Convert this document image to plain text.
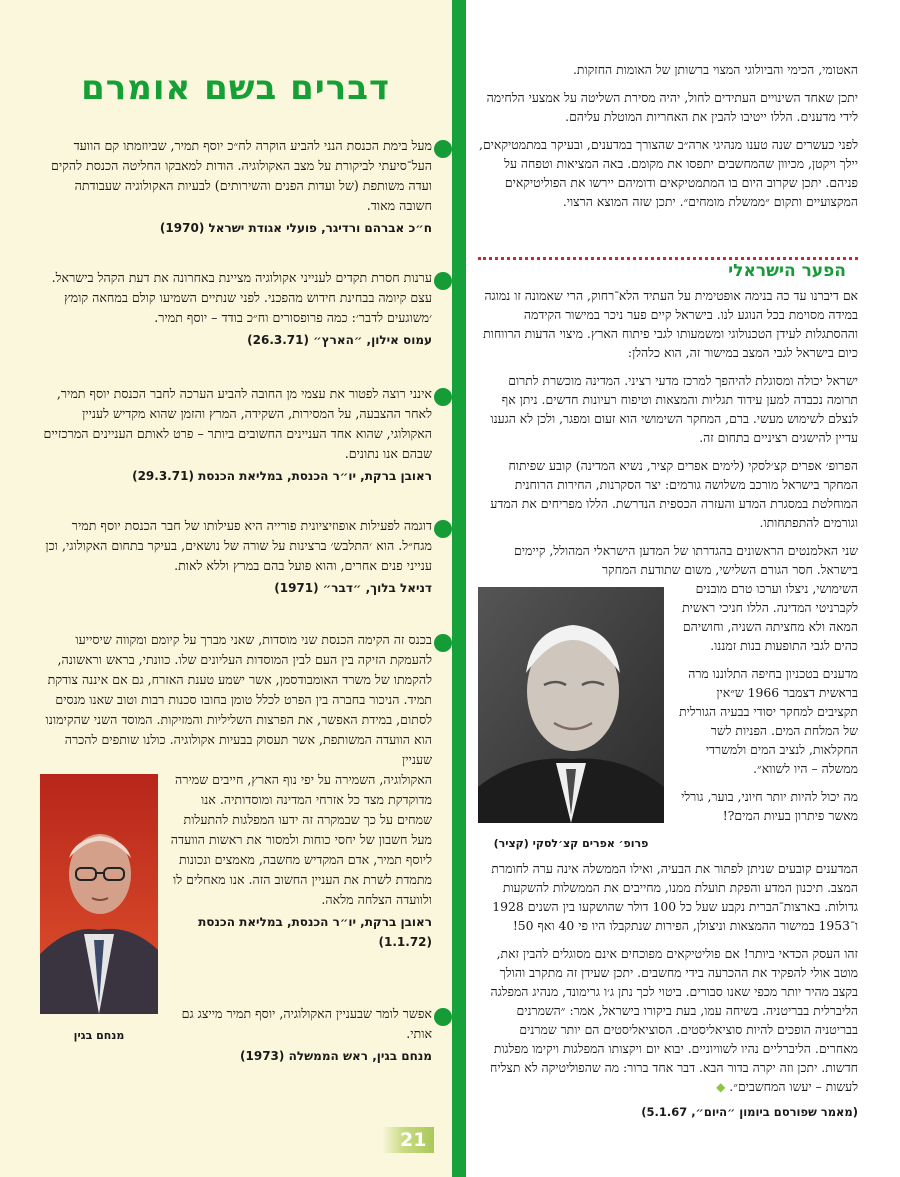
דברים בשם אומרם

מעל בימת הכנסת הנני להביע הוקרה לח״כ יוסף תמיר, שביוזמתו קם הוועד העל־סיעתי לביקורת על מצב האקולוגיה. הודות למאבקו החליטה הכנסת להקים ועדה משותפת (של ועדות הפנים והשירותים) לבעיות האקולוגיה שעבודתה חשובה מאוד.

ח״כ אברהם ורדיגר, פועלי אגודת ישראל (1970)

ערנות חסרת תקדים לענייני אקולוגיה מציינת באחרונה את דעת הקהל בישראל. עצם קיומה בבחינת חידוש מהפכני. לפני שנתיים השמיעו קולם במחאה קומץ ׳משוגעים לדבר׳: כמה פרופסורים וח״כ בודד – יוסף תמיר.

עמוס אילון, ״הארץ״ (26.3.71)

אינני רוצה לפטור את עצמי מן החובה להביע הערכה לחבר הכנסת יוסף תמיר, לאחר ההצבעה, על המסירות, השקידה, המרץ והזמן שהוא מקדיש לעניין האקולוגי, שהוא אחד העניינים החשובים ביותר – פרט לאותם העניינים המרכזיים שבהם אנו נתונים.

ראובן ברקת, יו״ר הכנסת, במליאת הכנסת (29.3.71)

דוגמה לפעילות אופוזיציונית פורייה היא פעילותו של חבר הכנסת יוסף תמיר מגח״ל. הוא ׳התלבש׳ ברצינות על שורה של נושאים, בעיקר בתחום האקולוגי, וכן ענייני פנים אחרים, והוא פועל בהם במרץ וללא לאות.

דניאל בלוך, ״דבר״ (1971)

בכנס זה הקימה הכנסת שני מוסדות, שאני מברך על קיומם ומקווה שיסייעו להעמקת הזיקה בין העם לבין המוסדות העליונים שלו. כוונתי, בראש וראשונה, להקמתו של משרד האומבודסמן, אשר ישמע טענת האזרח, גם אם איננה צודקת תמיד. הניכור בחברה בין הפרט לכלל טומן בחובו סכנות רבות וטוב שאנו מנסים לסתום, במידת האפשר, את הפרצות השליליות והמזיקות. המוסד השני שהקימונו הוא הוועדה המשותפת, אשר תעסוק בבעיות אקולוגיה. כולנו שותפים להכרה שעניין

מנחם בגין

האקולוגיה, השמירה על יפי נוף הארץ, חייבים שמירה מדוקדקת מצד כל אזרחי המדינה ומוסדותיה. אנו שמחים על כך שבמקרה זה ידעו המפלגות להתעלות מעל חשבון של יחסי כוחות ולמסור את ראשות הוועדה ליוסף תמיר, אדם המקדיש מחשבה, מאמצים ונכונות מתמדת לשרת את העניין החשוב הזה. אנו מאחלים לו ולוועדה הצלחה מלאה.

ראובן ברקת, יו״ר הכנסת, במליאת הכנסת (1.1.72)

אפשר לומר שבעניין האקולוגיה, יוסף תמיר מייצג גם אותי.

מנחם בגין, ראש הממשלה (1973)
21

האטומי, הכימי והביולוגי המצוי ברשותן של האומות החזקות.

יתכן שאחד השינויים העתידים לחול, יהיה מסירת השליטה על אמצעי הלחימה לידי מדענים. הללו ייטיבו להבין את האחריות המוטלת עליהם.

לפני כעשרים שנה טענו מנהיגי ארה״ב שהצורך במדענים, ובעיקר במתמטיקאים, יילך ויקטן, מכיוון שהמחשבים יתפסו את מקומם. באה המציאות וטפחה על פניהם. יתכן שקרוב היום בו המתמטיקאים ודומיהם יירשו את הפוליטיקאים המקצועיים ותקום ״ממשלת מומחים״. יתכן שזה המוצא הרצוי.

הפער הישראלי

אם דיברנו עד כה בנימה אופטימית על העתיד הלא־רחוק, הרי שאמונה זו נמוגה במידה מסוימת בכל הנוגע לנו. בישראל קיים פער ניכר במישור הקידמה וההסתגלות לעידן הטכנולוגי ומשמעותו לגבי פיתוח הארץ. מיצוי הדעות הרווחות כיום בישראל לגבי המצב במישור זה, הוא כלהלן:

ישראל יכולה ומסוגלת להיהפך למרכז מדעי רציני. המדינה מוכשרת לתרום תרומה נכבדה למען עידוד תגליות והמצאות וטיפוח רעיונות חדשים. ניתן אף לנצלם לשימוש מעשי. ברם, המחקר השימושי הוא זעום ומפגר, ולכן לא הגענו עדיין להישגים רציניים בתחום זה.

הפרופ׳ אפרים קצ׳לסקי (לימים אפרים קציר, נשיא המדינה) קובע שפיתוח המחקר בישראל מורכב משלושה גורמים: יצר הסקרנות, החירות הרוחנית המוחלטת במסגרת המדע והעזרה הכספית הנדרשת. הללו מפריחים את המדע וגורמים להתפתחותו.

שני האלמנטים הראשונים בהגדרתו של המדען הישראלי המהולל, קיימים בישראל. חסר הגורם השלישי, משום שתודעת המחקר

פרופ׳ אפרים קצ׳לסקי (קציר)

השימושי, ניצלו וערכו טרם מובנים לקברניטי המדינה. הללו חניכי ראשית המאה ולא מחציתה השניה, וחושיהם כהים לגבי התופעות בנות זמננו.

מדענים בטכניון בחיפה התלוננו מרה בראשית דצמבר 1966 ש״אין תקציבים למחקר יסודי בבעיה הגורלית של המלחת המים. הפניות לשר החקלאות, לנציב המים ולמשרדי ממשלה – היו לשווא״.

מה יכול להיות יותר חיוני, בוער, גורלי מאשר פיתרון בעיות המים?!

המדענים קובעים שניתן לפתור את הבעיה, ואילו הממשלה אינה ערה לחומרת המצב. תיכנון המדע והפקת תועלת ממנו, מחייבים את הממשלות להשקעות גדולות. בארצות־הברית נקבע שעל כל 100 דולר שהושקעו בין השנים 1928 ו־1953 במישור ההמצאות וניצולן, הפירות שנתקבלו היו פי 40 ואף 50!

זהו העסק הכדאי ביותר! אם פוליטיקאים מפוכחים אינם מסוגלים להבין זאת, מוטב אולי להפקיד את ההכרעה בידי מחשבים. יתכן שעידן זה מתקרב והולך בקצב מהיר יותר מכפי שאנו סבורים. ביטוי לכך נתן ג׳ו גרימונד, מנהיג המפלגה הליברלית בבריטניה. בשיחה עמו, בעת ביקורו בישראל, אמר: ״השמרנים בבריטניה הופכים להיות סוציאליסטים. הסוציאליסטים הם יותר שמרנים מאחרים. הליברליים נהיו לשוויוניים. יבוא יום ויקצותו המפלגות ויקימו מפלגות חדשות. יתכן וזה יקרה בדור הבא. דבר אחד ברור: מה שהפוליטיקה לא תצליח לעשות – יעשו המחשבים״. ◆

(מאמר שפורסם ביומון ״היום״, 5.1.67)
